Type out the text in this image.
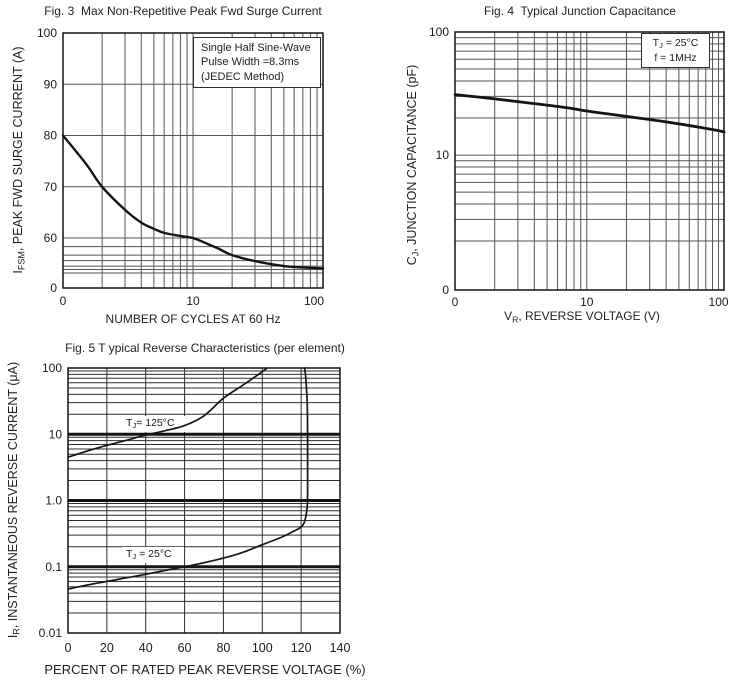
0	10	100
100
90
80
70
60
0
0	10	100
100
10
0
0 20 40 60 80 100 120 140
100
10
1.0
0.1
0.01
Fig. 3  Max Non-Repetitive Peak Fwd Surge Current
Single Half Sine-Wave
Pulse Width =8.3ms
(JEDEC Method)
NUMBER OF CYCLES AT 60 Hz
$I_{FSM}$, PEAK FWD SURGE CURRENT (A)
Fig. 4  Typical Junction Capacitance
$T_J = 25^\circ C$
f = 1MHz
$V_R$, REVERSE VOLTAGE (V)
$C_J$, JUNCTION CAPACITANCE (pF)
Fig. 5 T ypical Reverse Characteristics (per element)
$T_J= 125^\circ C$
$T_J = 25^\circ C$
PERCENT OF RATED PEAK REVERSE VOLTAGE (%)
$I_R$, INSTANTANEOUS REVERSE CURRENT (μA)
